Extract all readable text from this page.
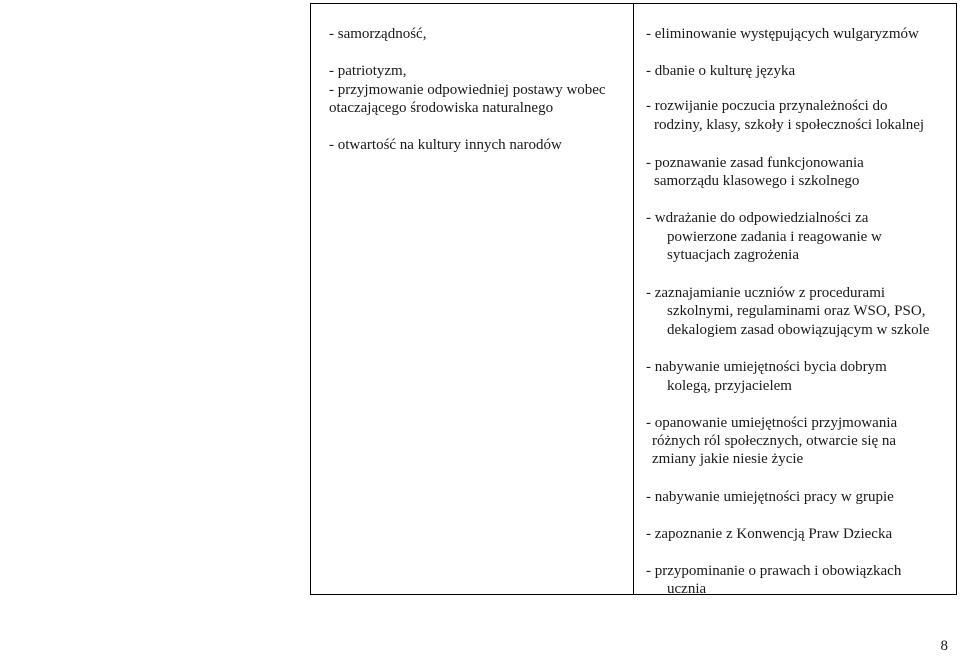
- samorządność,
- patriotyzm,
- przyjmowanie odpowiedniej postawy wobec
otaczającego środowiska naturalnego
- otwartość na kultury innych narodów
- eliminowanie występujących wulgaryzmów
- dbanie o kulturę języka
- rozwijanie poczucia przynależności do
rodziny, klasy, szkoły i społeczności lokalnej
- poznawanie zasad funkcjonowania
samorządu klasowego i szkolnego
- wdrażanie do odpowiedzialności za
powierzone zadania i reagowanie w
sytuacjach zagrożenia
- zaznajamianie uczniów z procedurami
szkolnymi, regulaminami oraz WSO, PSO,
dekalogiem zasad obowiązującym w szkole
- nabywanie umiejętności bycia dobrym
kolegą, przyjacielem
- opanowanie umiejętności przyjmowania
różnych ról społecznych, otwarcie się na
zmiany jakie niesie życie
- nabywanie umiejętności pracy w grupie
- zapoznanie z Konwencją Praw Dziecka
- przypominanie o prawach i obowiązkach
ucznia
8
